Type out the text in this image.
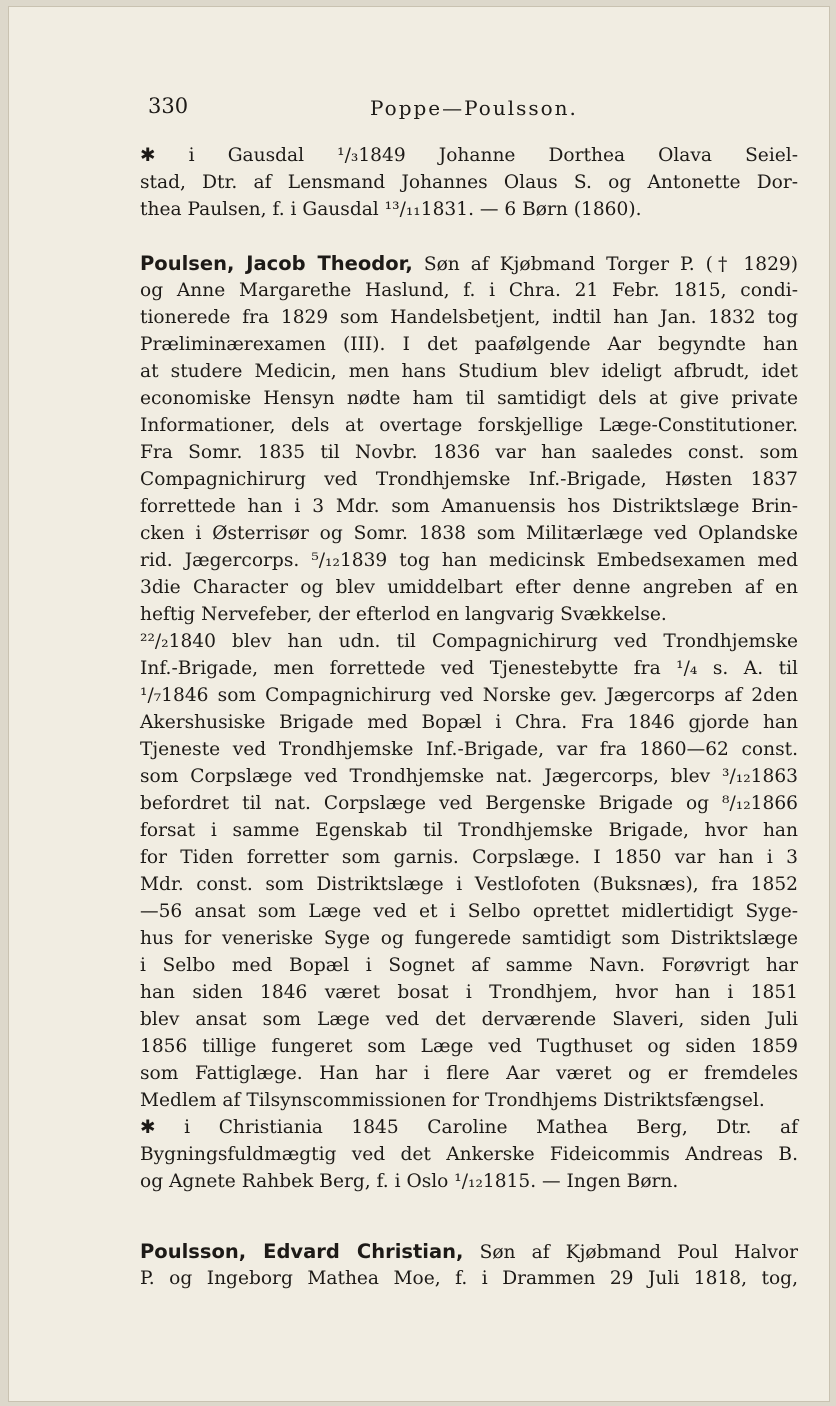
330	Poppe—Poulsson.
✱ i Gausdal ¹/₃1849 Johanne Dorthea Olava Seiel-
stad, Dtr. af Lensmand Johannes Olaus S. og Antonette Dor-
thea Paulsen, f. i Gausdal ¹³/₁₁1831. — 6 Børn (1860).
Poulsen, Jacob Theodor, Søn af Kjøbmand Torger P. († 1829)
og Anne Margarethe Haslund, f. i Chra. 21 Febr. 1815, condi-
tionerede fra 1829 som Handelsbetjent, indtil han Jan. 1832 tog
Præliminærexamen (III). I det paafølgende Aar begyndte han
at studere Medicin, men hans Studium blev ideligt afbrudt, idet
economiske Hensyn nødte ham til samtidigt dels at give private
Informationer, dels at overtage forskjellige Læge-Constitutioner.
Fra Somr. 1835 til Novbr. 1836 var han saaledes const. som
Compagnichirurg ved Trondhjemske Inf.-Brigade, Høsten 1837
forrettede han i 3 Mdr. som Amanuensis hos Distriktslæge Brin-
cken i Østerrisør og Somr. 1838 som Militærlæge ved Oplandske
rid. Jægercorps. ⁵/₁₂1839 tog han medicinsk Embedsexamen med
3die Character og blev umiddelbart efter denne angreben af en
heftig Nervefeber, der efterlod en langvarig Svækkelse.
²²/₂1840 blev han udn. til Compagnichirurg ved Trondhjemske
Inf.-Brigade, men forrettede ved Tjenestebytte fra ¹/₄ s. A. til
¹/₇1846 som Compagnichirurg ved Norske gev. Jægercorps af 2den
Akershusiske Brigade med Bopæl i Chra. Fra 1846 gjorde han
Tjeneste ved Trondhjemske Inf.-Brigade, var fra 1860—62 const.
som Corpslæge ved Trondhjemske nat. Jægercorps, blev ³/₁₂1863
befordret til nat. Corpslæge ved Bergenske Brigade og ⁸/₁₂1866
forsat i samme Egenskab til Trondhjemske Brigade, hvor han
for Tiden forretter som garnis. Corpslæge. I 1850 var han i 3
Mdr. const. som Distriktslæge i Vestlofoten (Buksnæs), fra 1852
—56 ansat som Læge ved et i Selbo oprettet midlertidigt Syge-
hus for veneriske Syge og fungerede samtidigt som Distriktslæge
i Selbo med Bopæl i Sognet af samme Navn. Forøvrigt har
han siden 1846 været bosat i Trondhjem, hvor han i 1851
blev ansat som Læge ved det derværende Slaveri, siden Juli
1856 tillige fungeret som Læge ved Tugthuset og siden 1859
som Fattiglæge. Han har i flere Aar været og er fremdeles
Medlem af Tilsynscommissionen for Trondhjems Distriktsfængsel.
✱ i Christiania 1845 Caroline Mathea Berg, Dtr. af
Bygningsfuldmægtig ved det Ankerske Fideicommis Andreas B.
og Agnete Rahbek Berg, f. i Oslo ¹/₁₂1815. — Ingen Børn.
Poulsson, Edvard Christian, Søn af Kjøbmand Poul Halvor
P. og Ingeborg Mathea Moe, f. i Drammen 29 Juli 1818, tog,
